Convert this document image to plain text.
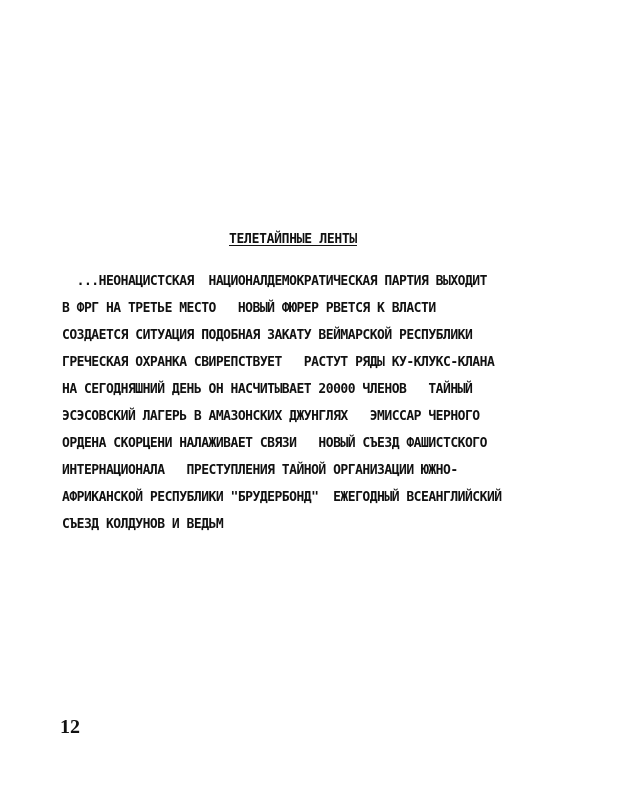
ТЕЛЕТАЙПНЫЕ ЛЕНТЫ
...НЕОНАЦИСТСКАЯ  НАЦИОНАЛДЕМОКРАТИЧЕСКАЯ ПАРТИЯ ВЫХОДИТ
В ФРГ НА ТРЕТЬЕ МЕСТО   НОВЫЙ ФЮРЕР РВЕТСЯ К ВЛАСТИ
СОЗДАЕТСЯ СИТУАЦИЯ ПОДОБНАЯ ЗАКАТУ ВЕЙМАРСКОЙ РЕСПУБЛИКИ
ГРЕЧЕСКАЯ ОХРАНКА СВИРЕПСТВУЕТ   РАСТУТ РЯДЫ КУ-КЛУКС-КЛАНА
НА СЕГОДНЯШНИЙ ДЕНЬ ОН НАСЧИТЫВАЕТ 20000 ЧЛЕНОВ   ТАЙНЫЙ
ЭСЭСОВСКИЙ ЛАГЕРЬ В АМАЗОНСКИХ ДЖУНГЛЯХ   ЭМИССАР ЧЕРНОГО
ОРДЕНА СКОРЦЕНИ НАЛАЖИВАЕТ СВЯЗИ   НОВЫЙ СЪЕЗД ФАШИСТСКОГО
ИНТЕРНАЦИОНАЛА   ПРЕСТУПЛЕНИЯ ТАЙНОЙ ОРГАНИЗАЦИИ ЮЖНО-
АФРИКАНСКОЙ РЕСПУБЛИКИ "БРУДЕРБОНД"  ЕЖЕГОДНЫЙ ВСЕАНГЛИЙСКИЙ
СЪЕЗД КОЛДУНОВ И ВЕДЬМ
12
